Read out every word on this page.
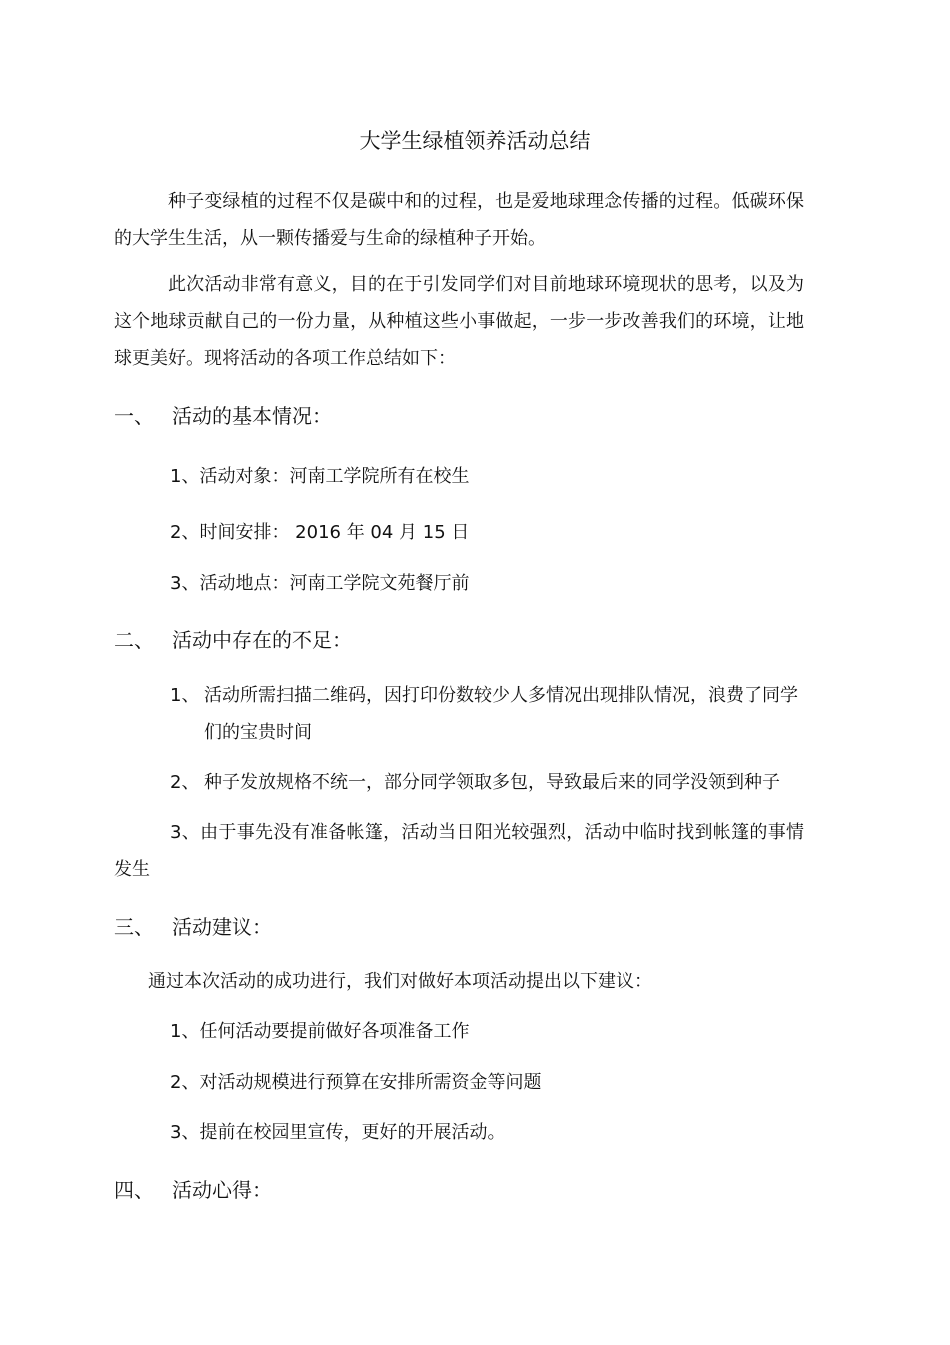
大学生绿植领养活动总结

种子变绿植的过程不仅是碳中和的过程，也是爱地球理念传播的过程。低碳环保的大学生生活，从一颗传播爱与生命的绿植种子开始。

此次活动非常有意义，目的在于引发同学们对目前地球环境现状的思考，以及为这个地球贡献自己的一份力量，从种植这些小事做起，一步一步改善我们的环境，让地球更美好。现将活动的各项工作总结如下：

一、 活动的基本情况：
1、活动对象：河南工学院所有在校生
2、时间安排： 2016 年 04 月 15 日
3、活动地点：河南工学院文苑餐厅前
二、 活动中存在的不足：
1、 活动所需扫描二维码，因打印份数较少人多情况出现排队情况，浪费了同学们的宝贵时间
2、 种子发放规格不统一，部分同学领取多包，导致最后来的同学没领到种子

3、由于事先没有准备帐篷，活动当日阳光较强烈，活动中临时找到帐篷的事情发生

三、 活动建议：
通过本次活动的成功进行，我们对做好本项活动提出以下建议：
1、任何活动要提前做好各项准备工作
2、对活动规模进行预算在安排所需资金等问题
3、提前在校园里宣传，更好的开展活动。
四、 活动心得：
